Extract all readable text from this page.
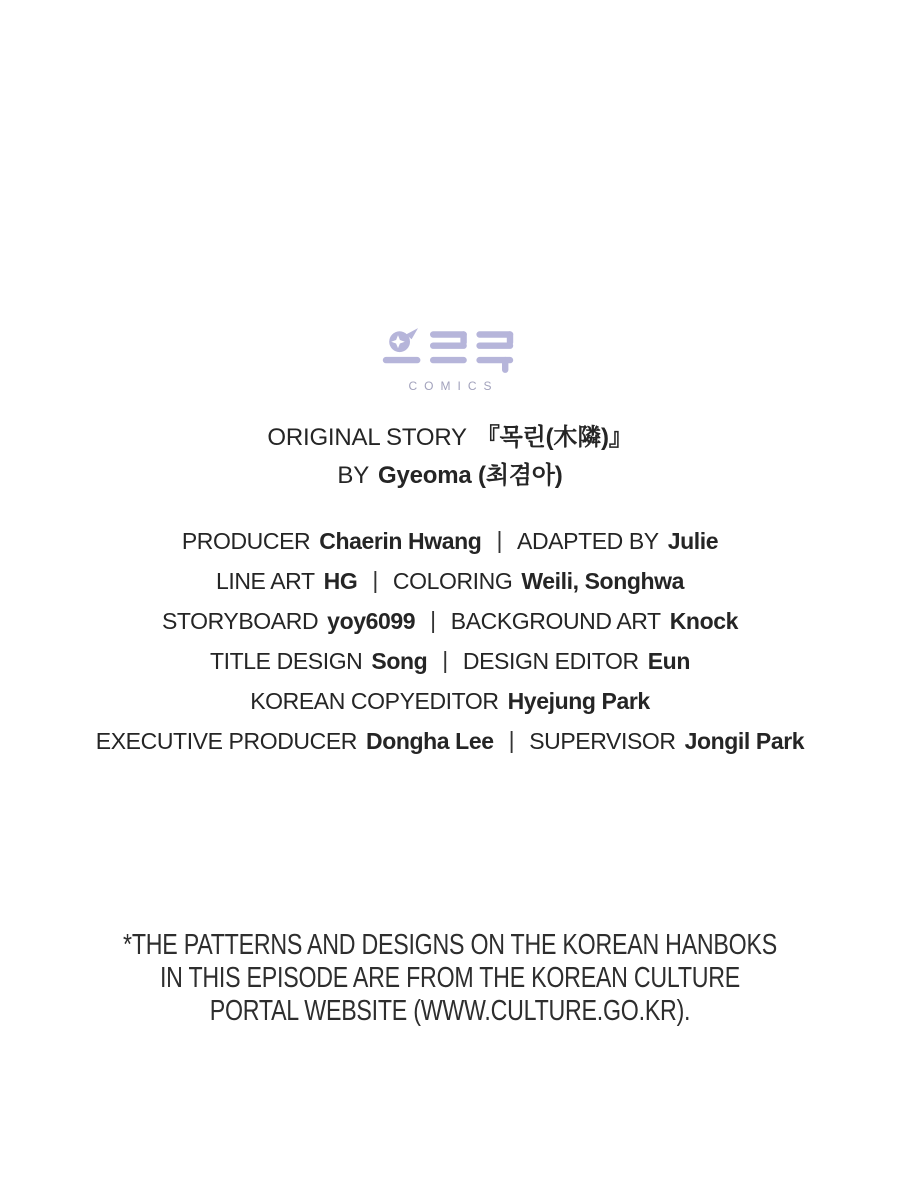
COMICS
ORIGINAL STORY 『목린(木隣)』
BY Gyeoma (최겸아)
PRODUCER Chaerin Hwang | ADAPTED BY Julie
LINE ART HG | COLORING Weili, Songhwa
STORYBOARD yoy6099 | BACKGROUND ART Knock
TITLE DESIGN Song | DESIGN EDITOR Eun
KOREAN COPYEDITOR Hyejung Park
EXECUTIVE PRODUCER Dongha Lee | SUPERVISOR Jongil Park
*THE PATTERNS AND DESIGNS ON THE KOREAN HANBOKS
IN THIS EPISODE ARE FROM THE KOREAN CULTURE
PORTAL WEBSITE (WWW.CULTURE.GO.KR).
